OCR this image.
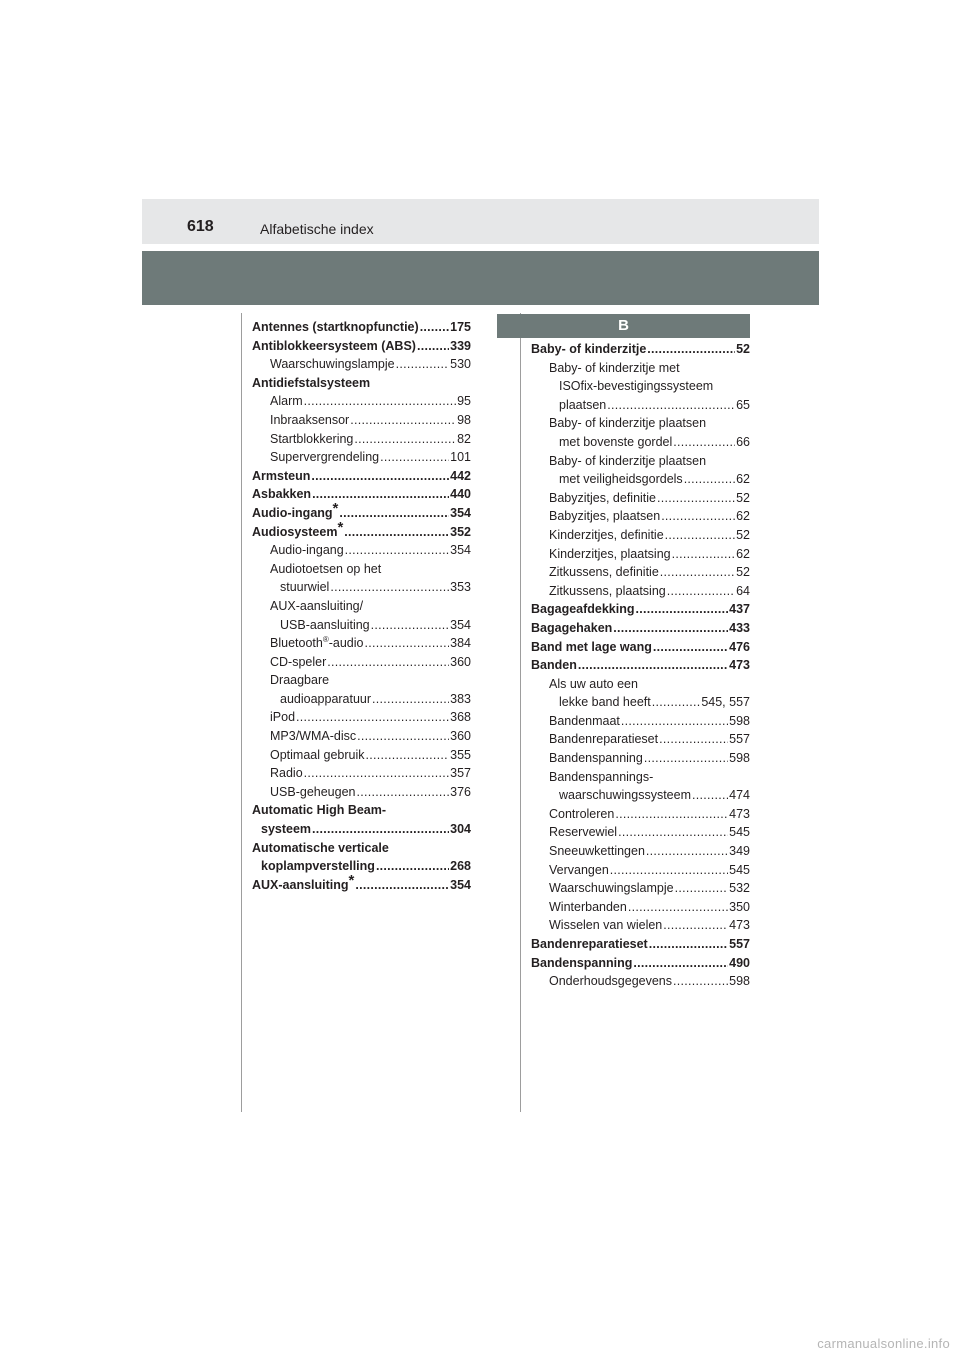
618	Alfabetische index
B
Antennes (startknopfunctie) . . .	175
Antiblokkeersysteem (ABS) . . .	339
Waarschuwingslampje . . .	530
Antidiefstalsysteem
Alarm . . .	95
Inbraaksensor . . .	98
Startblokkering . . .	82
Supervergrendeling . . .	101
Armsteun . . .	442
Asbakken . . .	440
Audio-ingang* . . .	354
Audiosysteem* . . .	352
Audio-ingang . . .	354
Audiotoetsen op het
stuurwiel . . .	353
AUX-aansluiting/
USB-aansluiting . . .	354
Bluetooth®-audio . . .	384
CD-speler . . .	360
Draagbare
audioapparatuur . . .	383
iPod . . .	368
MP3/WMA-disc . . .	360
Optimaal gebruik . . .	355
Radio . . .	357
USB-geheugen . . .	376
Automatic High Beam-
systeem . . .	304
Automatische verticale
koplampverstelling . . .	268
AUX-aansluiting* . . .	354
Baby- of kinderzitje . . .	52
Baby- of kinderzitje met
ISOfix-bevestigingssysteem
plaatsen . . .	65
Baby- of kinderzitje plaatsen
met bovenste gordel . . .	66
Baby- of kinderzitje plaatsen
met veiligheidsgordels . . .	62
Babyzitjes, definitie . . .	52
Babyzitjes, plaatsen . . .	62
Kinderzitjes, definitie . . .	52
Kinderzitjes, plaatsing . . .	62
Zitkussens, definitie . . .	52
Zitkussens, plaatsing . . .	64
Bagageafdekking . . .	437
Bagagehaken . . .	433
Band met lage wang . . .	476
Banden . . .	473
Als uw auto een
lekke band heeft . . .	545, 557
Bandenmaat . . .	598
Bandenreparatieset . . .	557
Bandenspanning . . .	598
Bandenspannings-
waarschuwingssysteem . . .	474
Controleren . . .	473
Reservewiel . . .	545
Sneeuwkettingen . . .	349
Vervangen . . .	545
Waarschuwingslampje . . .	532
Winterbanden . . .	350
Wisselen van wielen . . .	473
Bandenreparatieset . . .	557
Bandenspanning . . .	490
Onderhoudsgegevens . . .	598
carmanualsonline.info
